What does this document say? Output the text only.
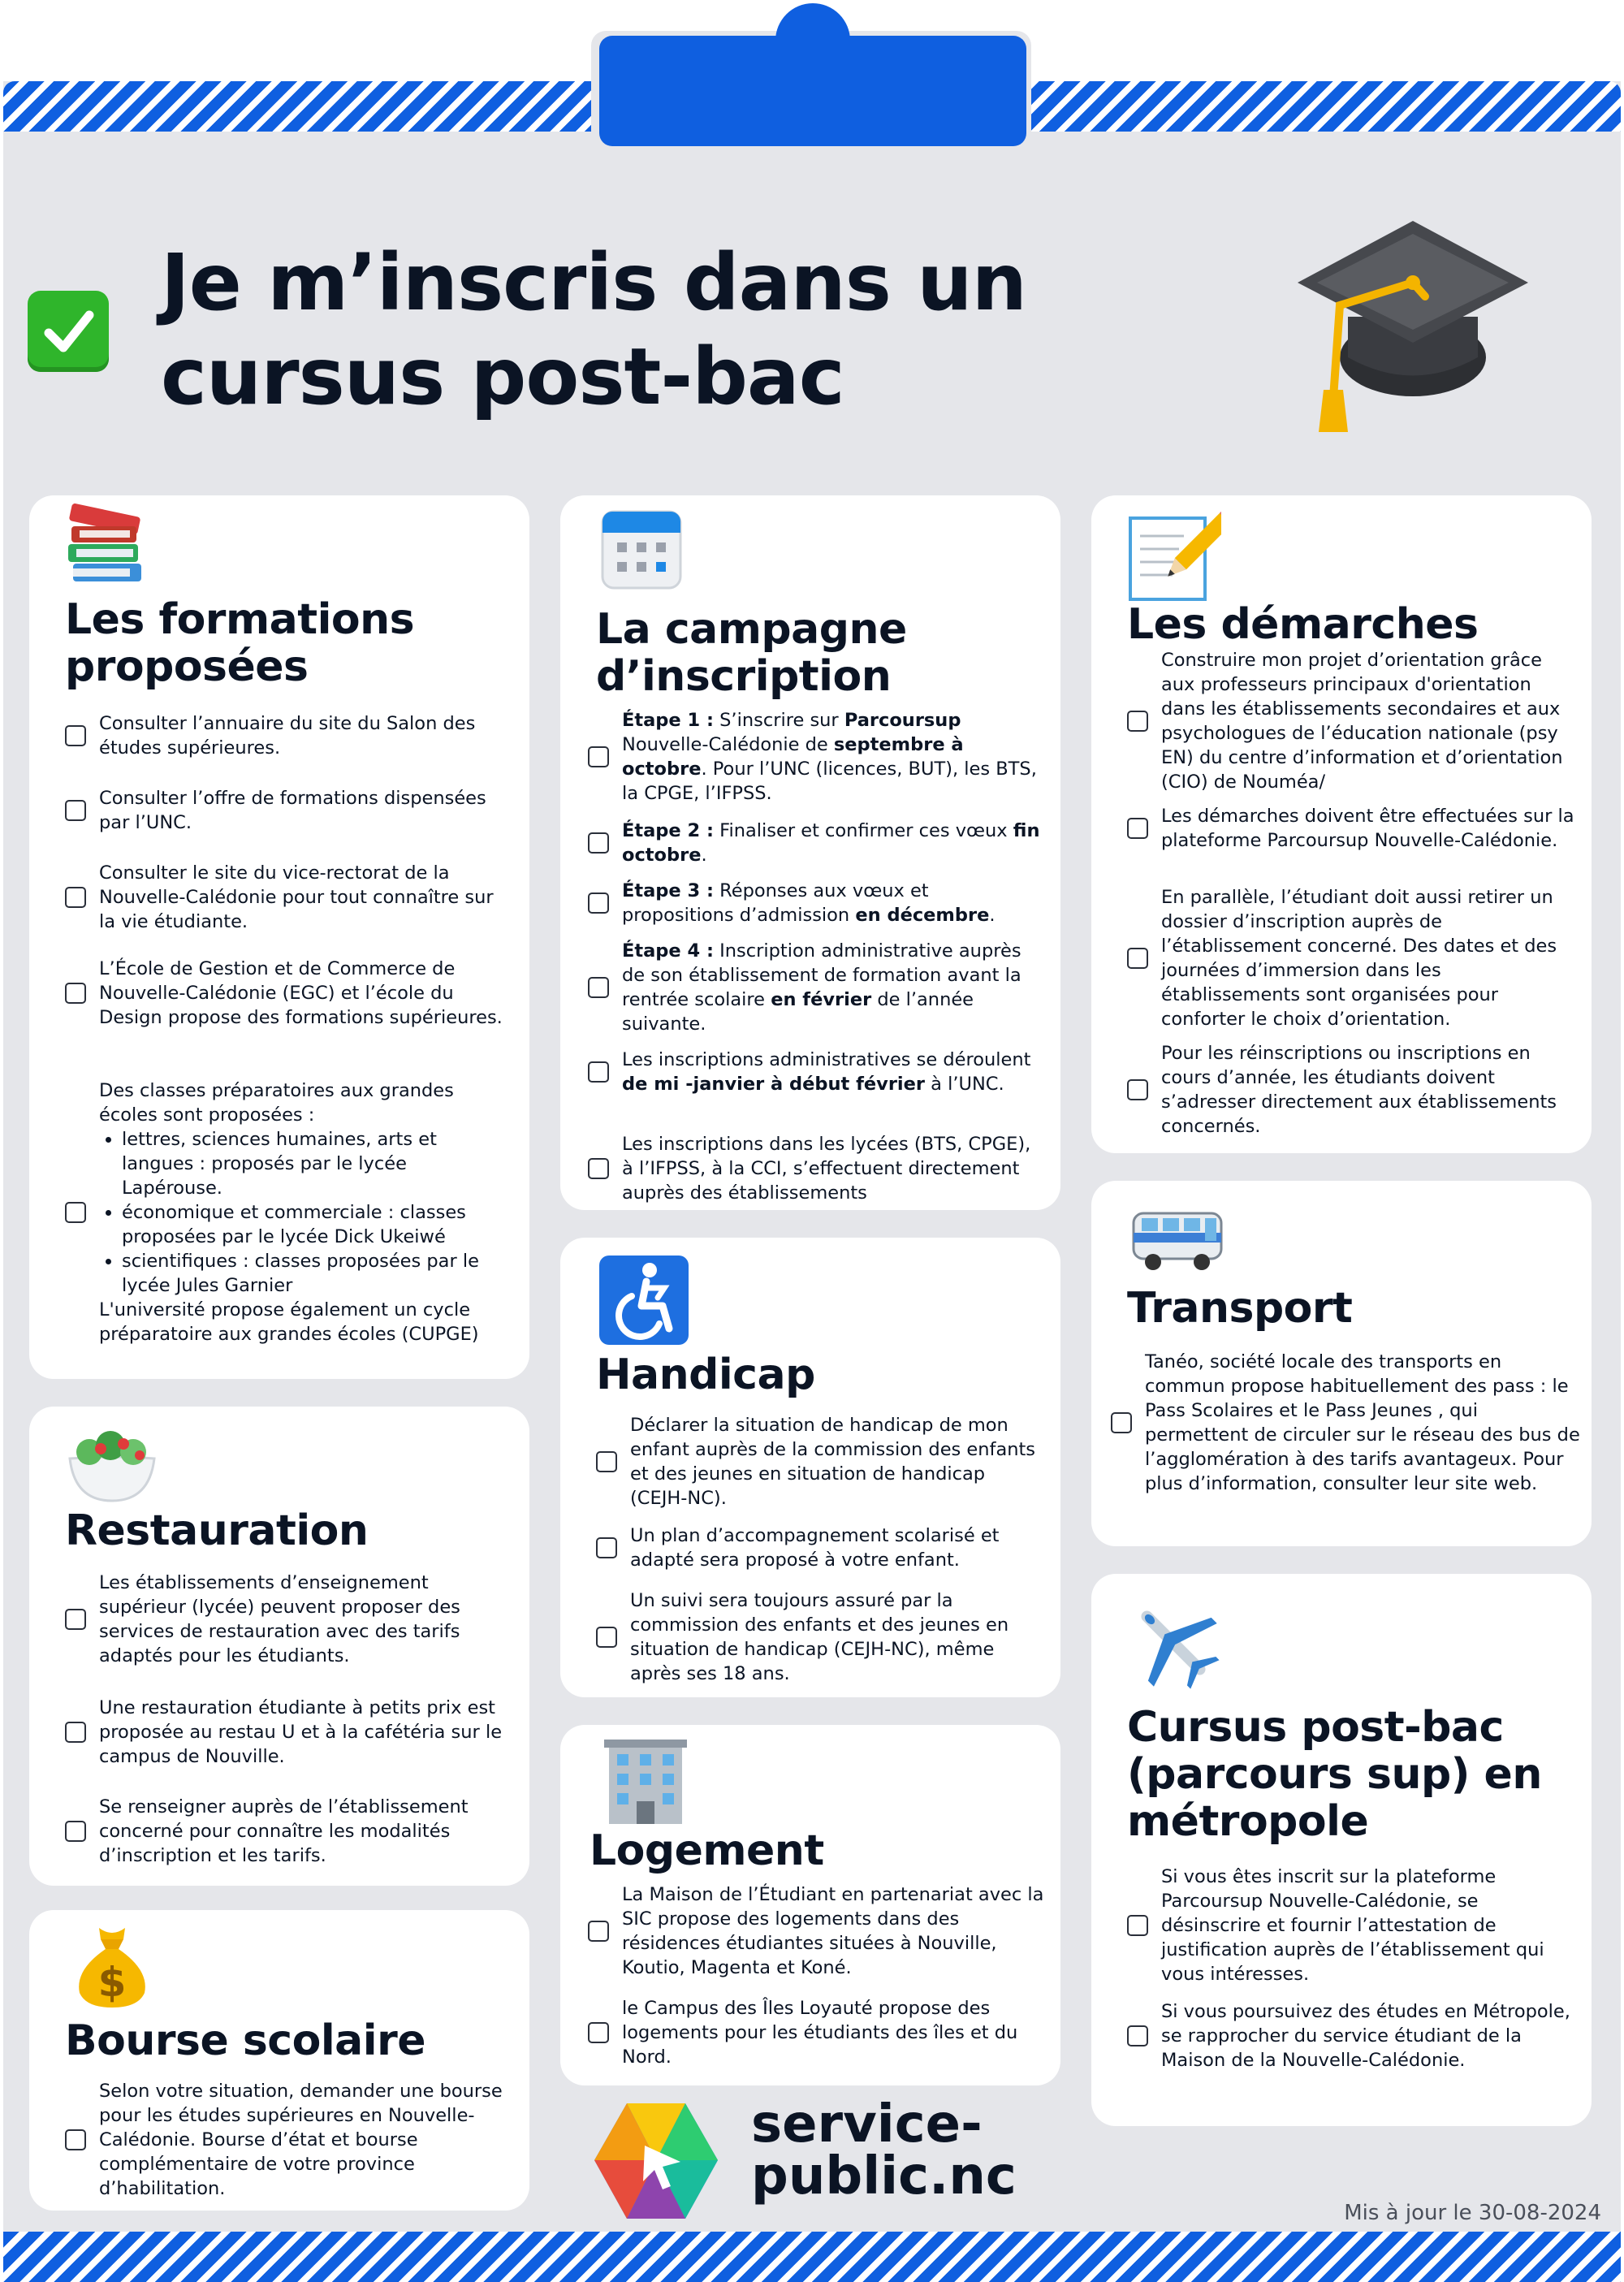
Je m’inscris dans un cursus post-bac
Les formations
proposées
Consulter l’annuaire du site du Salon des études supérieures.
Consulter l’offre de formations dispensées par l’UNC.
Consulter le site du vice-rectorat de la Nouvelle-Calédonie pour tout connaître sur la vie étudiante.
L’École de Gestion et de Commerce de Nouvelle-Calédonie (EGC) et l’école du Design propose des formations supérieures.
Des classes préparatoires aux grandes écoles sont proposées :
• lettres, sciences humaines, arts et langues : proposés par le lycée Lapérouse.
• économique et commerciale : classes proposées par le lycée Dick Ukeiwé
• scientifiques : classes proposées par le lycée Jules Garnier
L'université propose également un cycle préparatoire aux grandes écoles (CUPGE)
Restauration
Les établissements d’enseignement supérieur (lycée) peuvent proposer des services de restauration avec des tarifs adaptés pour les étudiants.
Une restauration étudiante à petits prix est proposée au restau U et à la cafétéria sur le campus de Nouville.
Se renseigner auprès de l’établissement concerné pour connaître les modalités d’inscription et les tarifs.
$
Bourse scolaire
Selon votre situation, demander une bourse pour les études supérieures en Nouvelle-Calédonie. Bourse d’état et bourse complémentaire de votre province d’habilitation.
La campagne
d’inscription
Étape 1 : S’inscrire sur Parcoursup Nouvelle-Calédonie de septembre à octobre. Pour l’UNC (licences, BUT), les BTS, la CPGE, l’IFPSS.
Étape 2 : Finaliser et confirmer ces vœux fin octobre.
Étape 3 : Réponses aux vœux et propositions d’admission en décembre.
Étape 4 : Inscription administrative auprès de son établissement de formation avant la rentrée scolaire en février de l’année suivante.
Les inscriptions administratives se déroulent de mi -janvier à début février à l’UNC.
Les inscriptions dans les lycées (BTS, CPGE), à l’IFPSS, à la CCI, s’effectuent directement auprès des établissements
Handicap
Déclarer la situation de handicap de mon enfant auprès de la commission des enfants et des jeunes en situation de handicap (CEJH-NC).
Un plan d’accompagnement scolarisé et adapté sera proposé à votre enfant.
Un suivi sera toujours assuré par la commission des enfants et des jeunes en situation de handicap (CEJH-NC), même après ses 18 ans.
Logement
La Maison de l’Étudiant en partenariat avec la SIC propose des logements dans des résidences étudiantes situées à Nouville, Koutio, Magenta et Koné.
le Campus des Îles Loyauté propose des logements pour les étudiants des îles et du Nord.
Les démarches
Construire mon projet d’orientation grâce aux professeurs principaux d'orientation dans les établissements secondaires et aux psychologues de l’éducation nationale (psy EN) du centre d’information et d’orientation (CIO) de Nouméa/
Les démarches doivent être effectuées sur la plateforme Parcoursup Nouvelle-Calédonie.
En parallèle, l’étudiant doit aussi retirer un dossier d’inscription auprès de l’établissement concerné. Des dates et des journées d’immersion dans les établissements sont organisées pour conforter le choix d’orientation.
Pour les réinscriptions ou inscriptions en cours d’année, les étudiants doivent s’adresser directement aux établissements concernés.
Transport
Tanéo, société locale des transports en commun propose habituellement des pass : le Pass Scolaires et le Pass Jeunes , qui permettent de circuler sur le réseau des bus de l’agglomération à des tarifs avantageux. Pour plus d’information, consulter leur site web.
Cursus post-bac
(parcours sup) en
métropole
Si vous êtes inscrit sur la plateforme Parcoursup Nouvelle-Calédonie, se désinscrire et fournir l’attestation de justification auprès de l’établissement qui vous intéresses.
Si vous poursuivez des études en Métropole, se rapprocher du service étudiant de la Maison de la Nouvelle-Calédonie.
service-
public.nc
Mis à jour le 30-08-2024
